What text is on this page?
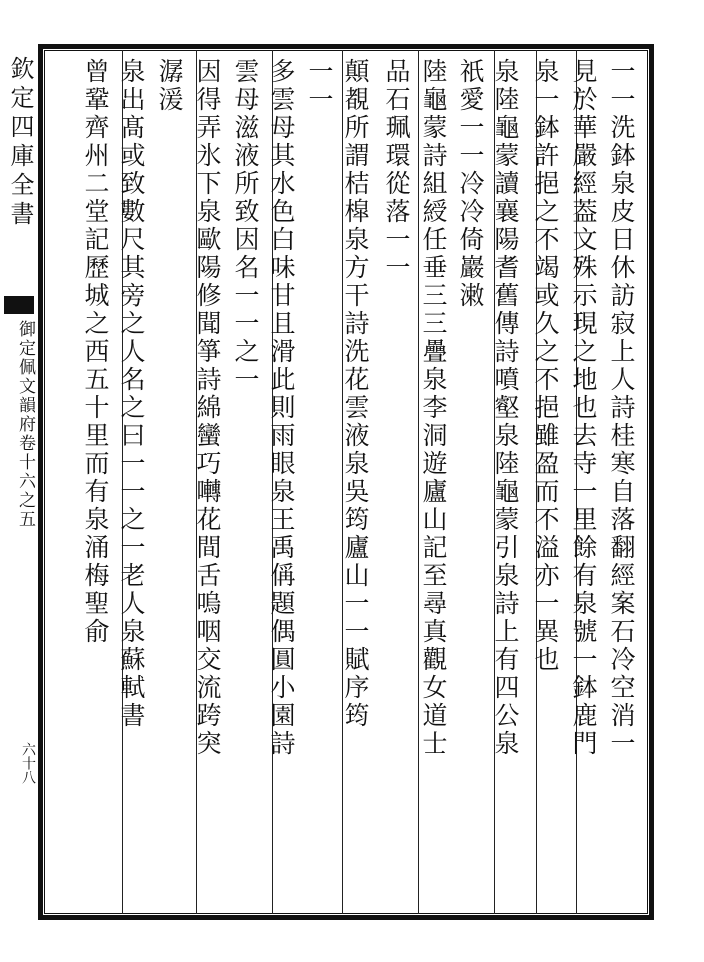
欽定四庫全書
御定佩文韻府卷十六之五
六十八
一一洗鉢泉皮日休訪寂上人詩桂寒自落翻經案石冷空消一
見於華嚴經葢文殊示現之地也去寺一里餘有泉號一鉢鹿門
泉一鉢許挹之不竭或久之不挹雖盈而不溢亦一異也
泉陸龜蒙讀襄陽耆舊傳詩噴壑泉陸龜蒙引泉詩上有四公泉
祇愛一一冷冷倚巖潄
陸龜蒙詩組綬任垂三三疊泉李洞遊廬山記至尋真觀女道士
品石珮環從落一一
顛覩所謂桔槹泉方干詩洗花雲液泉吳筠廬山一一賦序筠
一一
多雲母其水色白味甘且滑此則雨眼泉王禹偁題偶圓小園詩
雲母滋液所致因名一一之一
因得弄氷下泉歐陽修聞箏詩綿蠻巧囀花間舌嗚咽交流跨突
潺湲
泉出髙或致數尺其旁之人名之曰一一之一老人泉蘇軾書
曾鞏齊州二堂記歷城之西五十里而有泉涌梅聖俞
